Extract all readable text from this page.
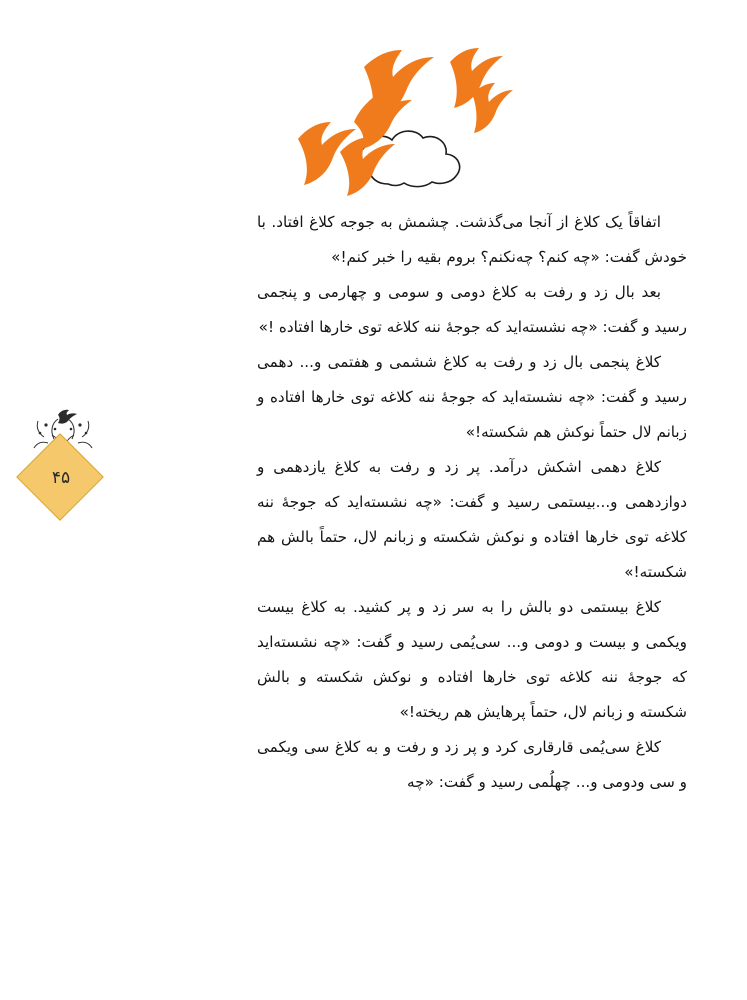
۴۵

اتفاقاً یک کلاغ از آنجا می‌گذشت. چشمش به جوجه کلاغ افتاد. با خودش گفت: «چه کنم؟ چه‌نکنم؟ بروم بقیه را خبر کنم!»

بعد بال زد و رفت به کلاغ دومی و سومی و چهارمی و پنجمی رسید و گفت: «چه نشسته‌اید که جوجهٔ ننه کلاغه توی خارها افتاده !»

کلاغ پنجمی بال زد و رفت به کلاغ ششمی و هفتمی و... دهمی رسید و گفت: «چه نشسته‌اید که جوجهٔ ننه کلاغه توی خارها افتاده و زبانم لال حتماً نوکش هم شکسته!»

کلاغ دهمی اشکش درآمد. پر زد و رفت به کلاغ یازدهمی و دوازدهمی و...بیستمی رسید و گفت: «چه نشسته‌اید که جوجهٔ ننه کلاغه توی خارها افتاده و نوکش شکسته و زبانم لال، حتماً بالش هم شکسته!»

کلاغ بیستمی دو بالش را به سر زد و پر کشید. به کلاغ بیست ویکمی و بیست و دومی و... سی‌یُمی رسید و گفت: «چه نشسته‌اید که جوجهٔ ننه کلاغه توی خارها افتاده و نوکش شکسته و بالش شکسته و زبانم لال، حتماً پرهایش هم ریخته!»

کلاغ سی‌یُمی قارقاری کرد و پر زد و رفت و به کلاغ سی ویکمی و سی ودومی و... چهلُمی رسید و گفت: «چه
